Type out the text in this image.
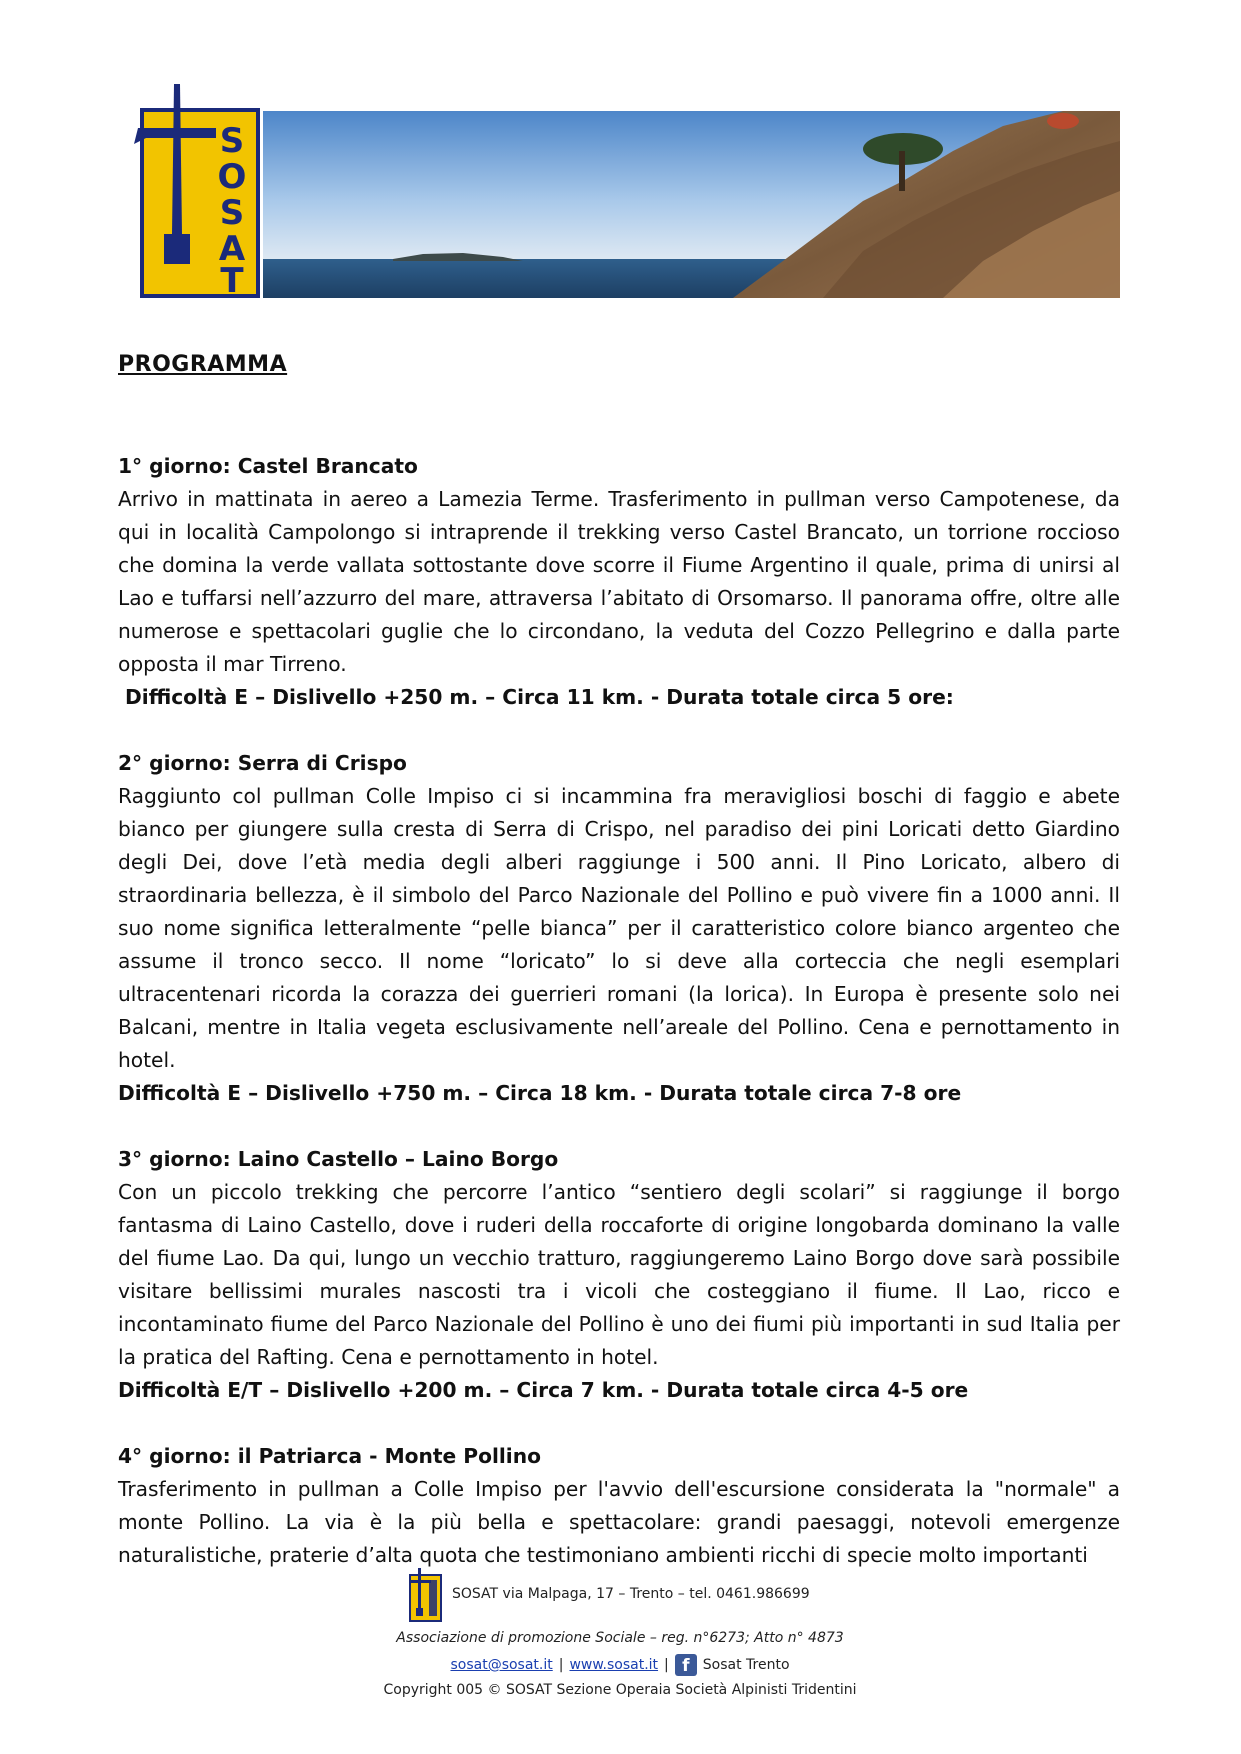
S
O
S
A
T
PROGRAMMA

1° giorno: Castel Brancato

Arrivo in mattinata in aereo a Lamezia Terme. Trasferimento in pullman verso Campotenese, da qui in località Campolongo si intraprende il trekking verso Castel Brancato, un torrione roccioso che domina la verde vallata sottostante dove scorre il Fiume Argentino il quale, prima di unirsi al Lao e tuffarsi nell’azzurro del mare, attraversa l’abitato di Orsomarso. Il panorama offre, oltre alle numerose e spettacolari guglie che lo circondano, la veduta del Cozzo Pellegrino e dalla parte opposta il mar Tirreno.

Difficoltà E – Dislivello +250 m. – Circa 11 km. - Durata totale circa 5 ore:

2° giorno: Serra di Crispo

Raggiunto col pullman Colle Impiso ci si incammina fra meravigliosi boschi di faggio e abete bianco per giungere sulla cresta di Serra di Crispo, nel paradiso dei pini Loricati detto Giardino degli Dei, dove l’età media degli alberi raggiunge i 500 anni. Il Pino Loricato, albero di straordinaria bellezza, è il simbolo del Parco Nazionale del Pollino e può vivere fin a 1000 anni. Il suo nome significa letteralmente “pelle bianca” per il caratteristico colore bianco argenteo che assume il tronco secco. Il nome “loricato” lo si deve alla corteccia che negli esemplari ultracentenari ricorda la corazza dei guerrieri romani (la lorica). In Europa è presente solo nei Balcani, mentre in Italia vegeta esclusivamente nell’areale del Pollino. Cena e pernottamento in hotel.

Difficoltà E – Dislivello +750 m. – Circa 18 km. - Durata totale circa 7-8 ore

3° giorno: Laino Castello – Laino Borgo

Con un piccolo trekking che percorre l’antico “sentiero degli scolari” si raggiunge il borgo fantasma di Laino Castello, dove i ruderi della roccaforte di origine longobarda dominano la valle del fiume Lao. Da qui, lungo un vecchio tratturo, raggiungeremo Laino Borgo dove sarà possibile visitare bellissimi murales nascosti tra i vicoli che costeggiano il fiume. Il Lao, ricco e incontaminato fiume del Parco Nazionale del Pollino è uno dei fiumi più importanti in sud Italia per la pratica del Rafting. Cena e pernottamento in hotel.

Difficoltà E/T – Dislivello +200 m. – Circa 7 km. - Durata totale circa 4-5 ore

4° giorno: il Patriarca - Monte Pollino

Trasferimento in pullman a Colle Impiso per l'avvio dell'escursione considerata la "normale" a monte Pollino. La via è la più bella e spettacolare: grandi paesaggi, notevoli emergenze naturalistiche, praterie d’alta quota che testimoniano ambienti ricchi di specie molto importanti

SOSAT via Malpaga, 17 – Trento – tel. 0461.986699
Associazione di promozione Sociale – reg. n°6273; Atto n° 4873
sosat@sosat.it | www.sosat.it | f Sosat Trento
Copyright 005 © SOSAT Sezione Operaia Società Alpinisti Tridentini
